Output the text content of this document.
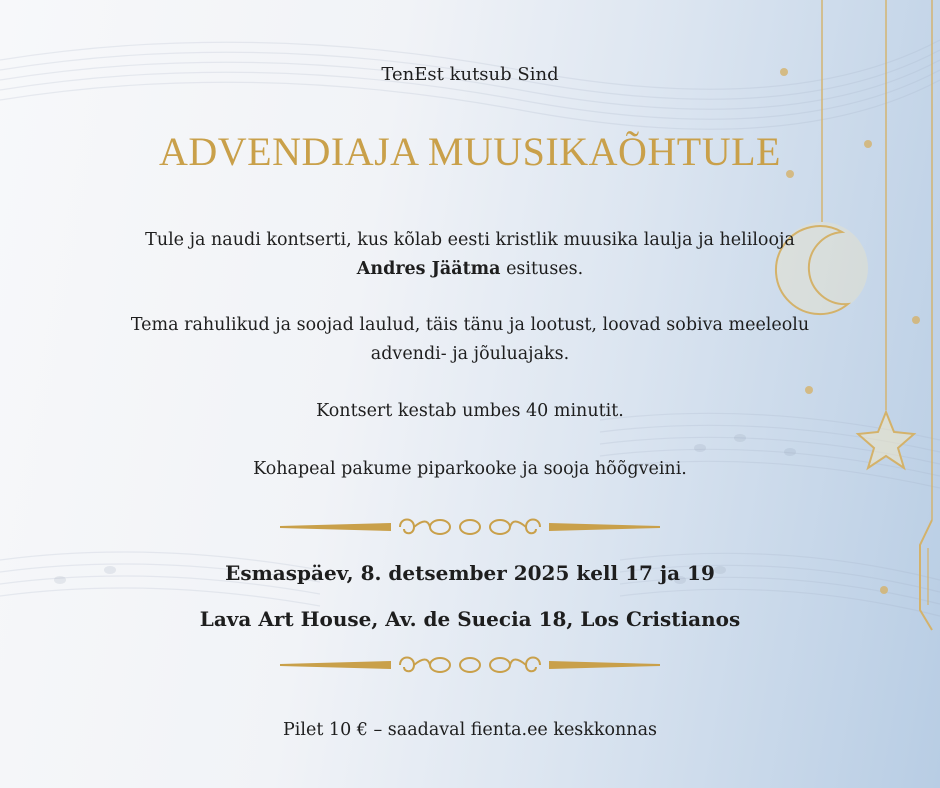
TenEst kutsub Sind
ADVENDIAJA MUUSIKAÕHTULE
Tule ja naudi kontserti, kus kõlab eesti kristlik muusika laulja ja helilooja
Andres Jäätma esituses.
Tema rahulikud ja soojad laulud, täis tänu ja lootust, loovad sobiva meeleolu
advendi- ja jõuluajaks.
Kontsert kestab umbes 40 minutit.
Kohapeal pakume piparkooke ja sooja hõõgveini.
Esmaspäev, 8. detsember 2025 kell 17 ja 19
Lava Art House, Av. de Suecia 18, Los Cristianos
Pilet 10 € – saadaval fienta.ee keskkonnas
